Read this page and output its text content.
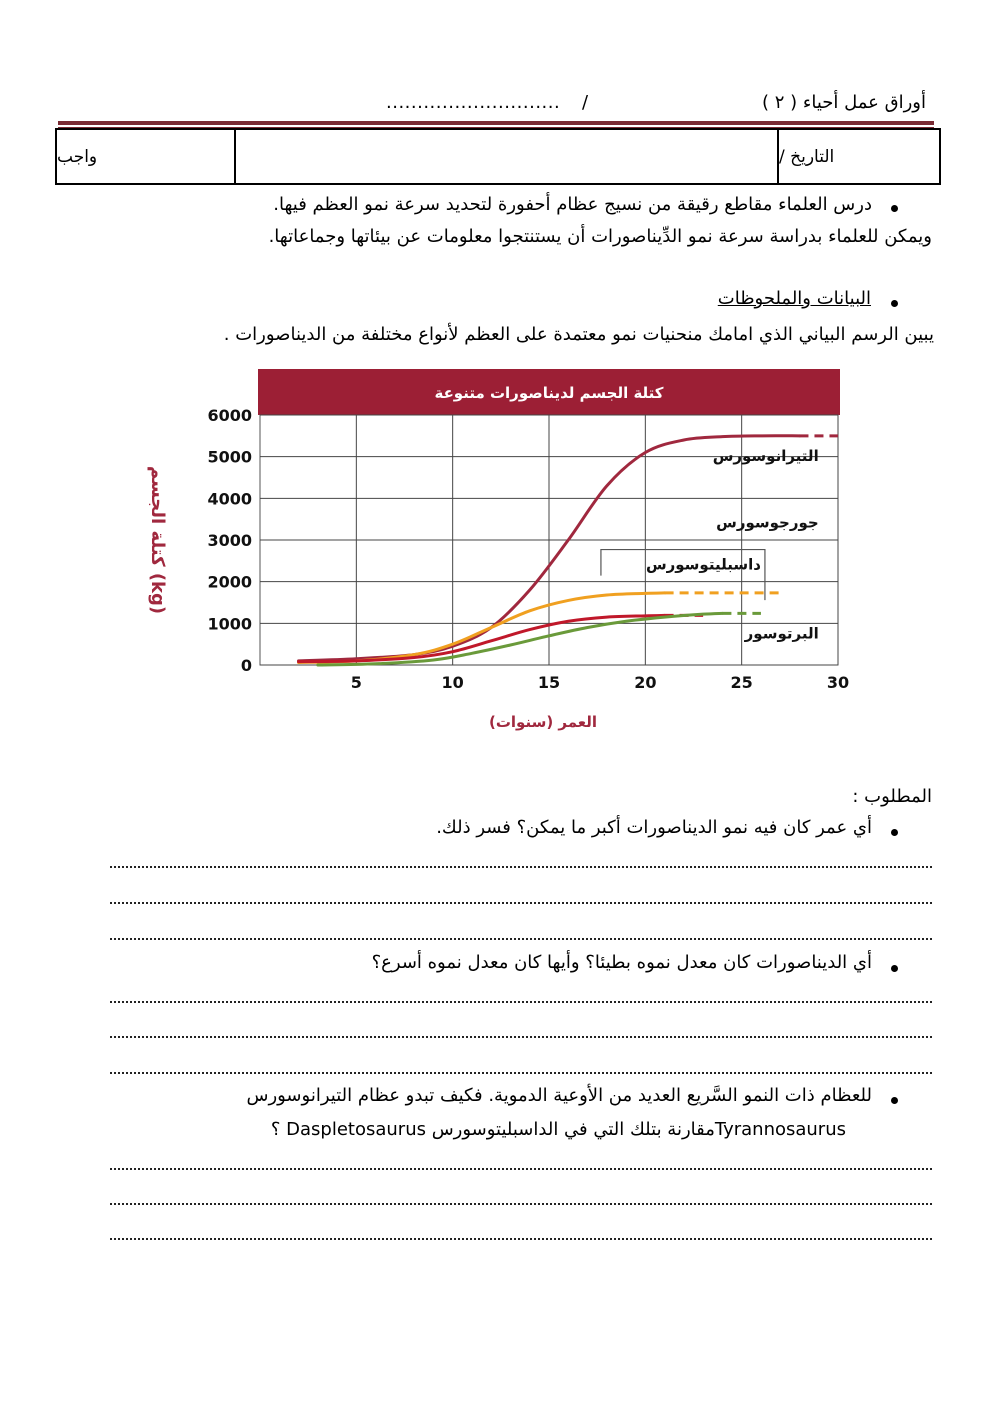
أوراق عمل أحياء ( ٢ )
............................ /
التاريخ /
واجب
درس العلماء مقاطع رقيقة من نسيج عظام أحفورة لتحديد سرعة نمو العظم فيها.
ويمكن للعلماء بدراسة سرعة نمو الدِّيناصورات أن يستنتجوا معلومات عن بيئاتها وجماعاتها.
البيانات والملحوظات
يبين الرسم البياني الذي امامك منحنيات نمو معتمدة على العظم لأنواع مختلفة من الديناصورات .
كتلة الجسم لديناصورات متنوعة
5	10	15	20	25	30
0
1000
2000
3000
4000
5000
6000
التيرانوسورس
جورجوسورس
داسبليتوسورس
البرتوسور
كتلة الجسم (kg)
العمر (سنوات)
المطلوب :
أي عمر كان فيه نمو الديناصورات أكبر ما يمكن؟ فسر ذلك.
أي الديناصورات كان معدل نموه بطيئا؟ وأيها كان معدل نموه أسرع؟
للعظام ذات النمو السَّريع العديد من الأوعية الدموية. فكيف تبدو عظام التيرانوسورس
Tyrannosaurusمقارنة بتلك التي في الداسبليتوسورس Daspletosaurus ؟
